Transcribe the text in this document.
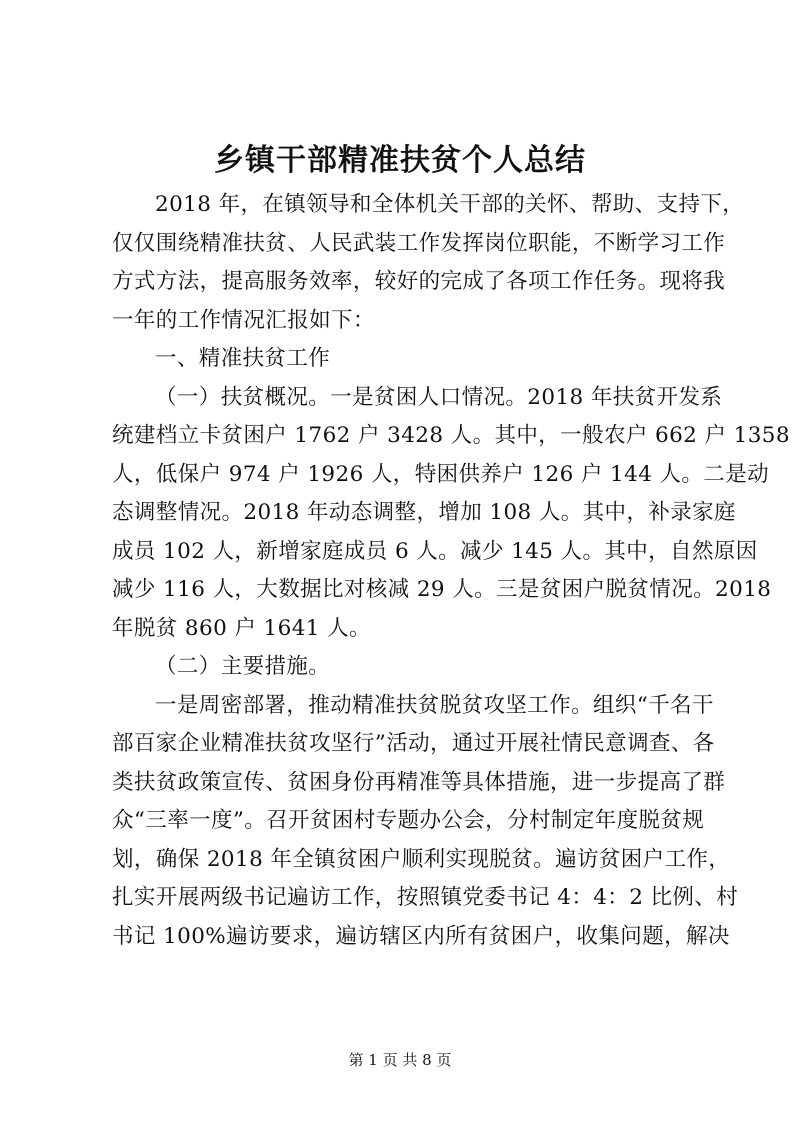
乡镇干部精准扶贫个人总结
2018 年，在镇领导和全体机关干部的关怀、帮助、支持下，
仅仅围绕精准扶贫、人民武装工作发挥岗位职能，不断学习工作
方式方法，提高服务效率，较好的完成了各项工作任务。现将我
一年的工作情况汇报如下：
一、精准扶贫工作
（一）扶贫概况。一是贫困人口情况。2018 年扶贫开发系
统建档立卡贫困户 1762 户 3428 人。其中，一般农户 662 户 1358
人，低保户 974 户 1926 人，特困供养户 126 户 144 人。二是动
态调整情况。2018 年动态调整，增加 108 人。其中，补录家庭
成员 102 人，新增家庭成员 6 人。减少 145 人。其中，自然原因
减少 116 人，大数据比对核减 29 人。三是贫困户脱贫情况。2018
年脱贫 860 户 1641 人。
（二）主要措施。
一是周密部署，推动精准扶贫脱贫攻坚工作。组织“千名干
部百家企业精准扶贫攻坚行”活动，通过开展社情民意调查、各
类扶贫政策宣传、贫困身份再精准等具体措施，进一步提高了群
众“三率一度”。召开贫困村专题办公会，分村制定年度脱贫规
划，确保 2018 年全镇贫困户顺利实现脱贫。遍访贫困户工作，
扎实开展两级书记遍访工作，按照镇党委书记 4：4：2 比例、村
书记 100%遍访要求，遍访辖区内所有贫困户，收集问题，解决
第 1 页 共 8 页
